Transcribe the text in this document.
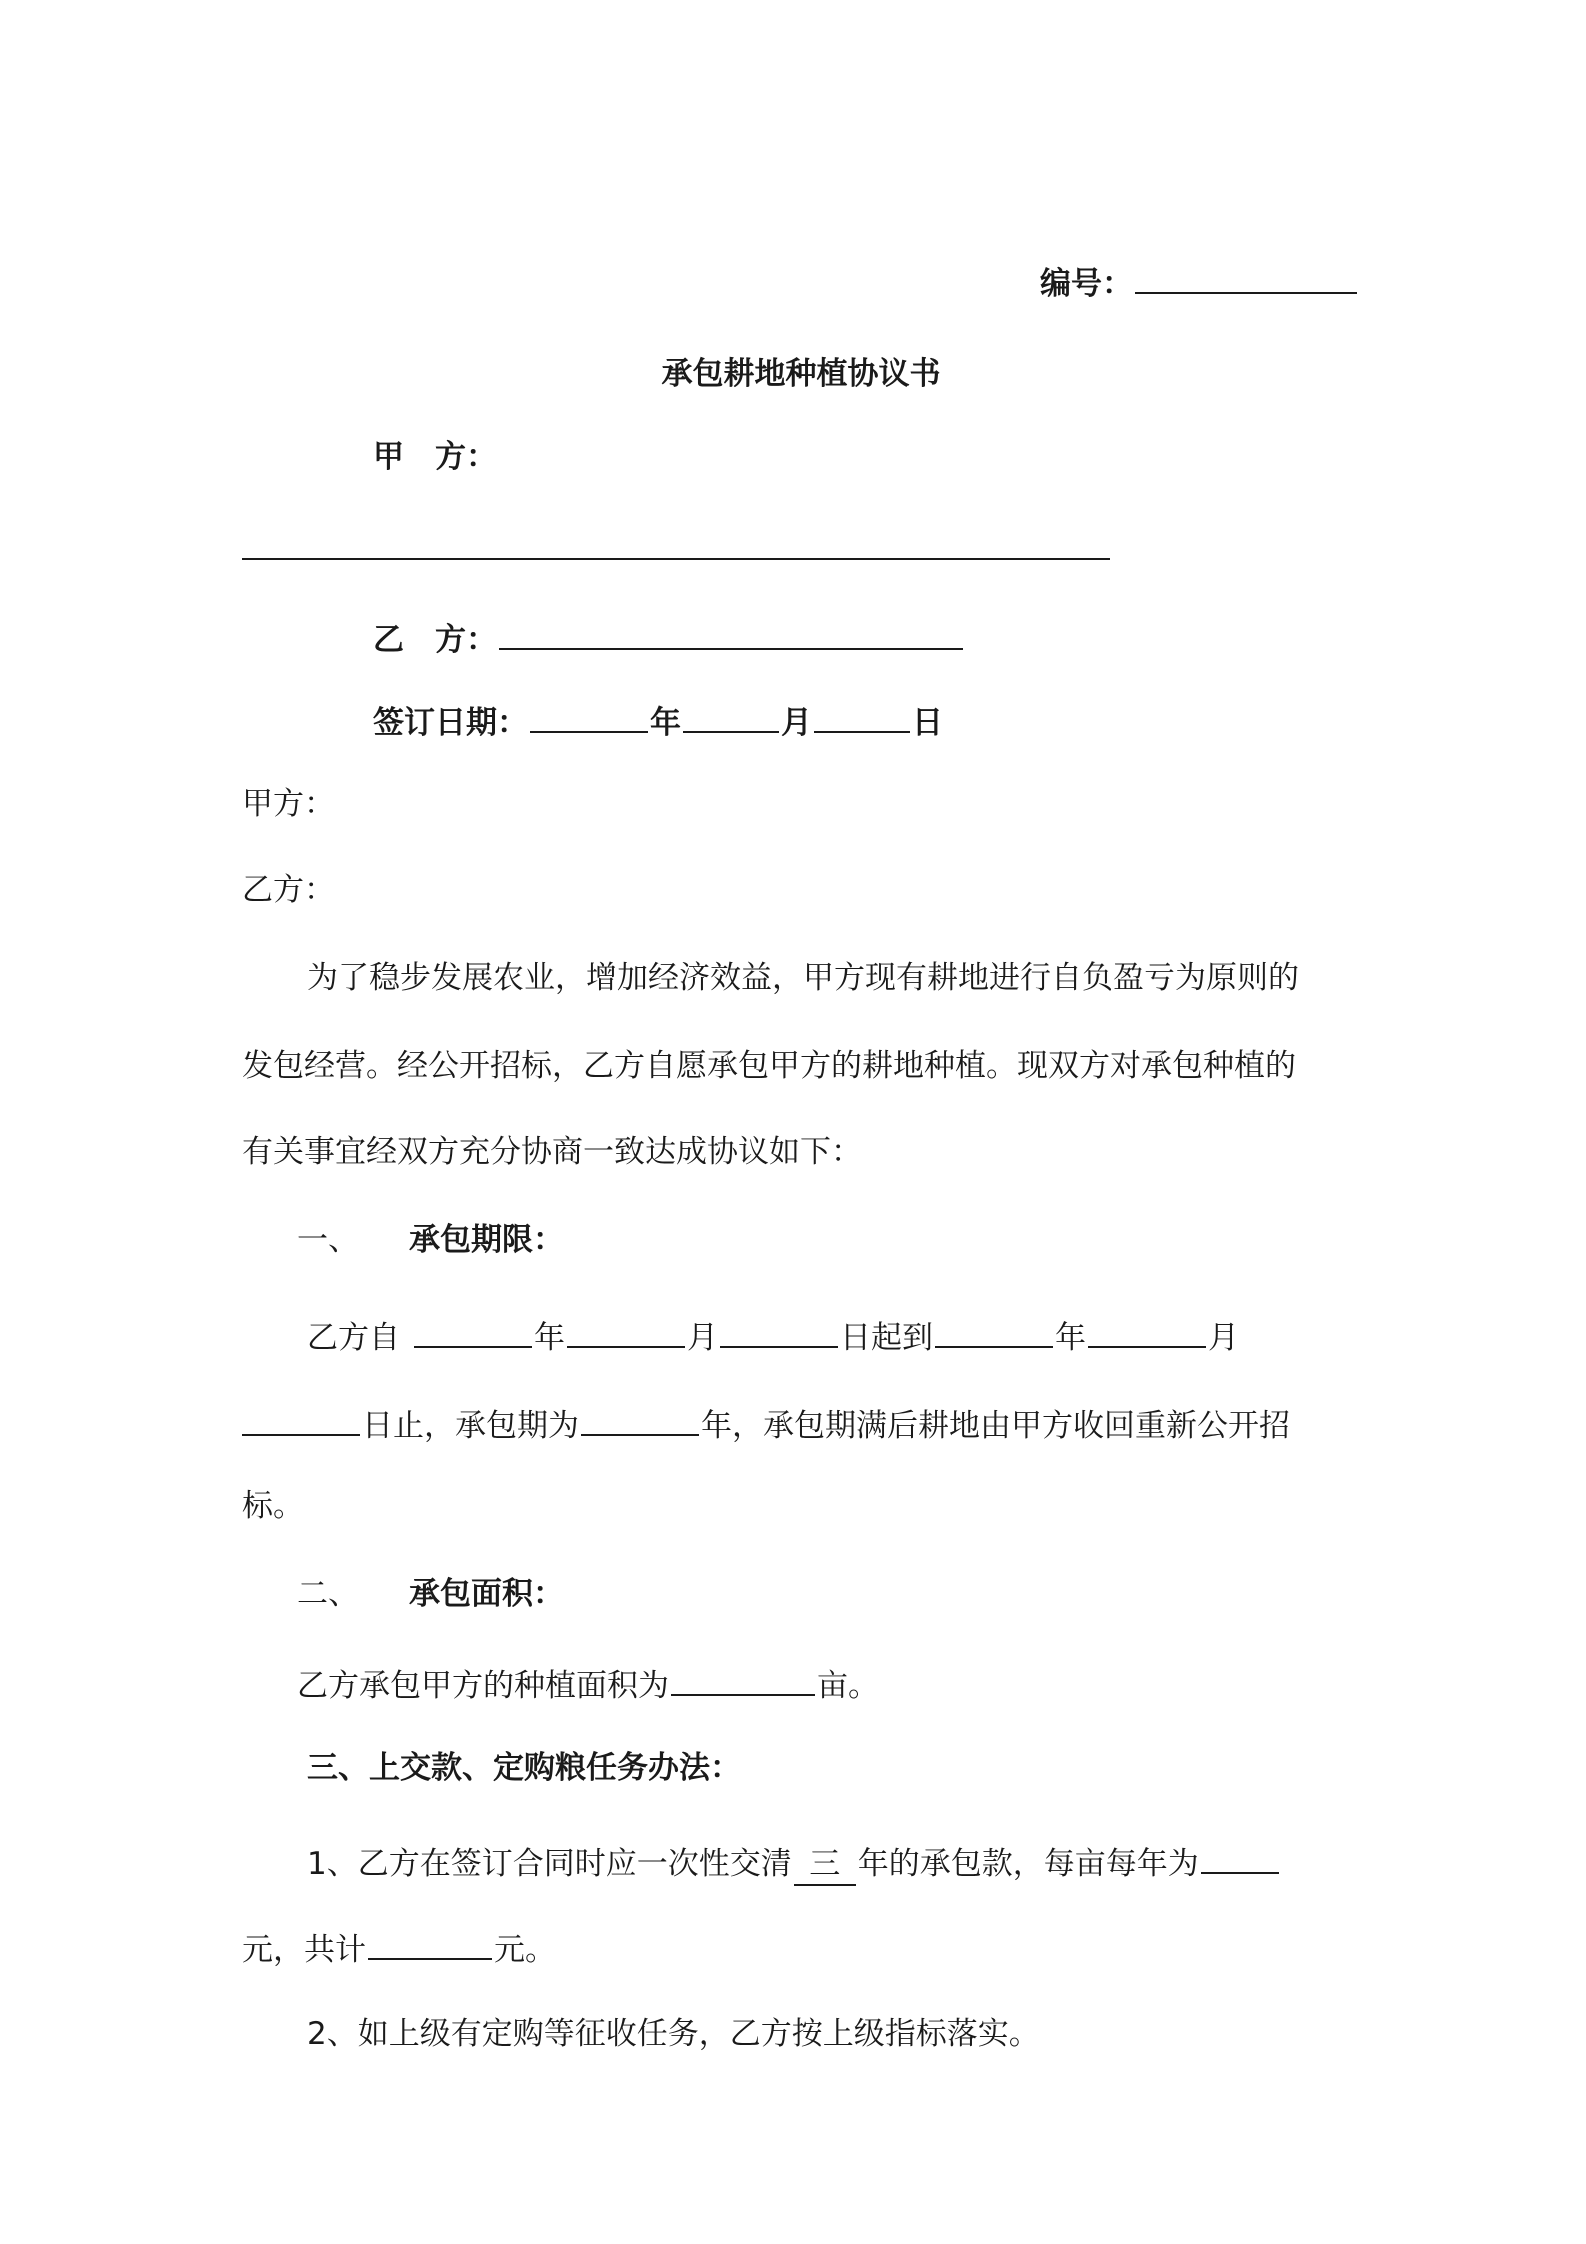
编号：
承包耕地种植协议书
甲　方：
乙　方：
签订日期：	年	月	日
甲方：
乙方：
为了稳步发展农业，增加经济效益，甲方现有耕地进行自负盈亏为原则的
发包经营。经公开招标，乙方自愿承包甲方的耕地种植。现双方对承包种植的
有关事宜经双方充分协商一致达成协议如下：
一、 承包期限：
乙方自	年	月	日起到	年	月
日止，承包期为	年，承包期满后耕地由甲方收回重新公开招
标。
二、 承包面积：
乙方承包甲方的种植面积为	亩。
三、上交款、定购粮任务办法：
1、乙方在签订合同时应一次性交清 三 年的承包款，每亩每年为
元，共计	元。
2、如上级有定购等征收任务，乙方按上级指标落实。
